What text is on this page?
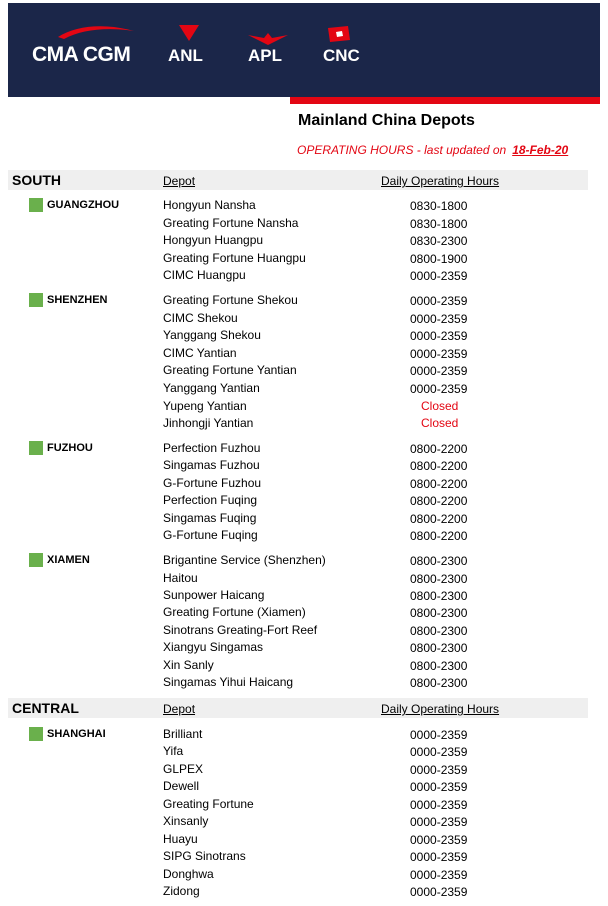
CMA CGM ANL	APL CNC
Mainland China Depots
OPERATING HOURS - last updated on 18-Feb-20
SOUTH	Depot	Daily Operating Hours
GUANGZHOU	Hongyun Nansha	0830-1800
Greating Fortune Nansha	0830-1800
Hongyun Huangpu	0830-2300
Greating Fortune Huangpu	0800-1900
CIMC Huangpu	0000-2359
SHENZHEN	Greating Fortune Shekou	0000-2359
CIMC Shekou	0000-2359
Yanggang Shekou	0000-2359
CIMC Yantian	0000-2359
Greating Fortune Yantian	0000-2359
Yanggang Yantian	0000-2359
Yupeng Yantian	Closed
Jinhongji Yantian	Closed
FUZHOU	Perfection Fuzhou	0800-2200
Singamas Fuzhou	0800-2200
G-Fortune Fuzhou	0800-2200
Perfection Fuqing	0800-2200
Singamas Fuqing	0800-2200
G-Fortune Fuqing	0800-2200
XIAMEN	Brigantine Service (Shenzhen)	0800-2300
Haitou	0800-2300
Sunpower Haicang	0800-2300
Greating Fortune (Xiamen)	0800-2300
Sinotrans Greating-Fort Reef	0800-2300
Xiangyu Singamas	0800-2300
Xin Sanly	0800-2300
Singamas Yihui Haicang	0800-2300
CENTRAL	Depot	Daily Operating Hours
SHANGHAI	Brilliant	0000-2359
Yifa	0000-2359
GLPEX	0000-2359
Dewell	0000-2359
Greating Fortune	0000-2359
Xinsanly	0000-2359
Huayu	0000-2359
SIPG Sinotrans	0000-2359
Donghwa	0000-2359
Zidong	0000-2359
